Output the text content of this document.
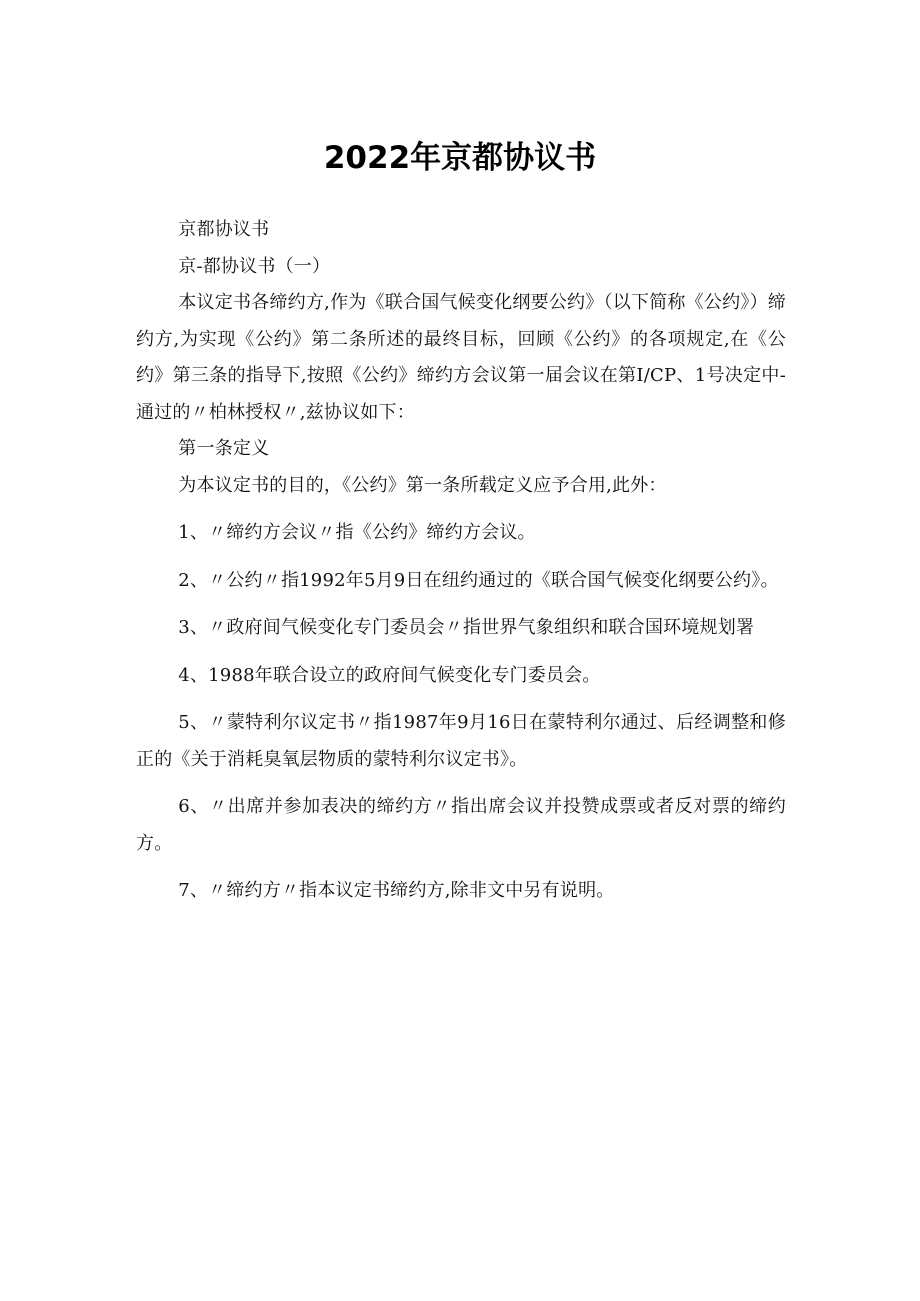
2022年京都协议书

京都协议书

京-都协议书（一）

本议定书各缔约方,作为《联合国气候变化纲要公约》（以下简称《公约》）缔约方,为实现《公约》第二条所述的最终目标，回顾《公约》的各项规定,在《公约》第三条的指导下,按照《公约》缔约方会议第一届会议在第I/CP、1号决定中-通过的〃柏林授权〃,兹协议如下：

第一条定义

为本议定书的目的，《公约》第一条所载定义应予合用,此外：

1、〃缔约方会议〃指《公约》缔约方会议。

2、〃公约〃指1992年5月9日在纽约通过的《联合国气候变化纲要公约》。

3、〃政府间气候变化专门委员会〃指世界气象组织和联合国环境规划署

4、1988年联合设立的政府间气候变化专门委员会。

5、〃蒙特利尔议定书〃指1987年9月16日在蒙特利尔通过、后经调整和修正的《关于消耗臭氧层物质的蒙特利尔议定书》。

6、〃出席并参加表决的缔约方〃指出席会议并投赞成票或者反对票的缔约方。

7、〃缔约方〃指本议定书缔约方,除非文中另有说明。
